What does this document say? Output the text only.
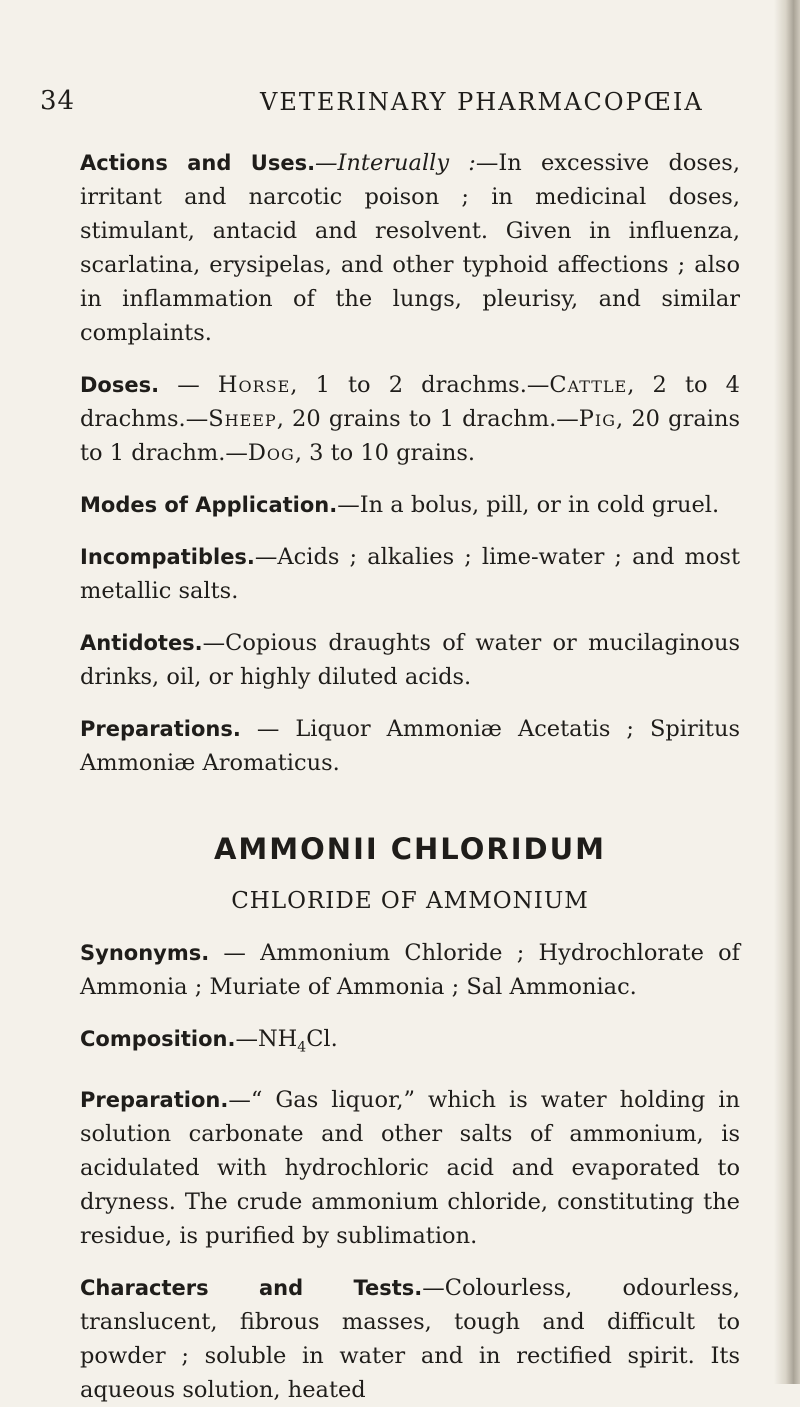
34	VETERINARY PHARMACOPŒIA

Actions and Uses.—Interually :—In excessive doses, irritant and narcotic poison ; in medicinal doses, stimulant, antacid and resolvent. Given in influenza, scarlatina, erysipelas, and other typhoid affections ; also in inflammation of the lungs, pleurisy, and similar complaints.

Doses. — Horse, 1 to 2 drachms.—Cattle, 2 to 4 drachms.—Sheep, 20 grains to 1 drachm.—Pig, 20 grains to 1 drachm.—Dog, 3 to 10 grains.

Modes of Application.—In a bolus, pill, or in cold gruel.

Incompatibles.—Acids ; alkalies ; lime-water ; and most metallic salts.

Antidotes.—Copious draughts of water or mucilaginous drinks, oil, or highly diluted acids.

Preparations. — Liquor Ammoniæ Acetatis ; Spiritus Ammoniæ Aromaticus.

AMMONII CHLORIDUM
CHLORIDE OF AMMONIUM

Synonyms. — Ammonium Chloride ; Hydrochlorate of Ammonia ; Muriate of Ammonia ; Sal Ammoniac.

$Composition.—NH_4Cl$.

Preparation.—“ Gas liquor,” which is water holding in solution carbonate and other salts of ammonium, is acidulated with hydrochloric acid and evaporated to dryness. The crude ammonium chloride, constituting the residue, is purified by sublimation.

Characters and Tests.—Colourless, odourless, translucent, fibrous masses, tough and difficult to powder ; soluble in water and in rectified spirit. Its aqueous solution, heated
